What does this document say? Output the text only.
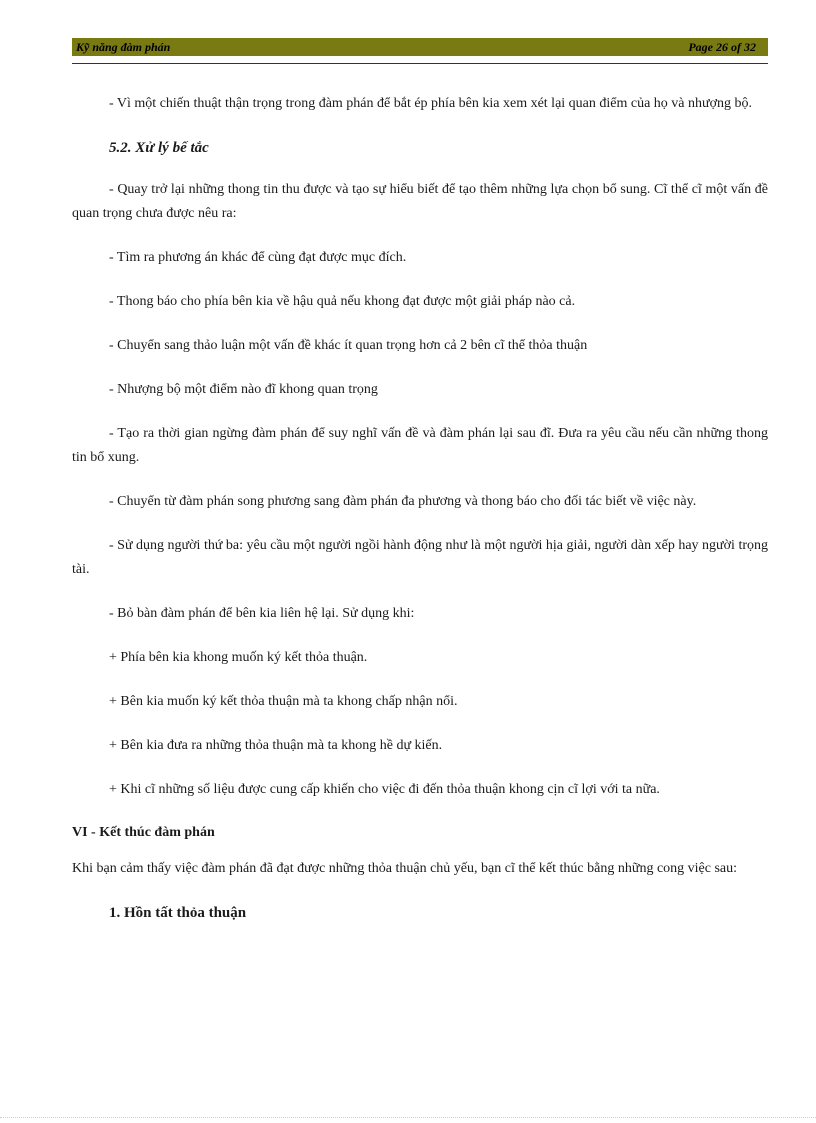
Kỹ năng đàm phán	Page 26 of 32

- Vì một chiến thuật thận trọng trong đàm phán để bắt ép phía bên kia xem xét lại quan điểm của họ và nhượng bộ.

5.2. Xử lý bế tắc

- Quay trở lại những thong tin thu được và tạo sự hiểu biết để tạo thêm những lựa chọn bổ sung. Cĩ thể cĩ một vấn đề quan trọng chưa được nêu ra:

- Tìm ra phương án khác để cùng đạt được mục đích.

- Thong báo cho phía bên kia về hậu quả nếu khong đạt được một giải pháp nào cả.

- Chuyển sang thảo luận một vấn đề khác ít quan trọng hơn cả 2 bên cĩ thể thỏa thuận

- Nhượng bộ một điểm nào đĩ khong quan trọng

- Tạo ra thời gian ngừng đàm phán để suy nghĩ vấn đề và đàm phán lại sau đĩ. Đưa ra yêu cầu nếu cần những thong tin bổ xung.

- Chuyển từ đàm phán song phương sang đàm phán đa phương và thong báo cho đối tác biết về việc này.

- Sử dụng người thứ ba: yêu cầu một người ngồi hành động như là một người hịa giải, người dàn xếp hay người trọng tài.

- Bỏ bàn đàm phán để bên kia liên hệ lại. Sử dụng khi:

+ Phía bên kia khong muốn ký kết thỏa thuận.

+ Bên kia muốn ký kết thỏa thuận mà ta khong chấp nhận nổi.

+ Bên kia đưa ra những thỏa thuận mà ta khong hề dự kiến.

+ Khi cĩ những số liệu được cung cấp khiến cho việc đi đến thỏa thuận khong cịn cĩ lợi với ta nữa.

VI - Kết thúc đàm phán

Khi bạn cảm thấy việc đàm phán đã đạt được những thỏa thuận chủ yếu, bạn cĩ thể kết thúc bằng những cong việc sau:

1. Hồn tất thỏa thuận
